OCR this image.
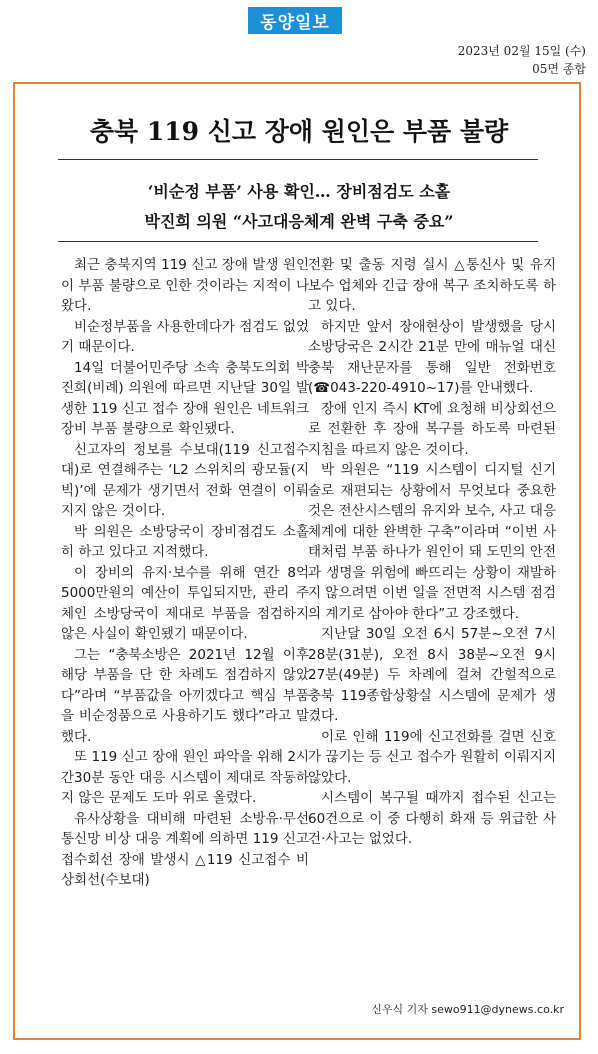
동양일보
2023년 02월 15일 (수)
05면 종합
충북 119 신고 장애 원인은 부품 불량
‘비순정 부품’ 사용 확인… 장비점검도 소홀
박진희 의원 “사고대응체계 완벽 구축 중요”

최근 충북지역 119 신고 장애 발생 원인이 부품 불량으로 인한 것이라는 지적이 나왔다.

비순정부품을 사용한데다가 점검도 없었기 때문이다.

14일 더불어민주당 소속 충북도의회 박진희(비례) 의원에 따르면 지난달 30일 발생한 119 신고 접수 장애 원인은 네트워크 장비 부품 불량으로 확인됐다.

신고자의 정보를 수보대(119 신고접수대)로 연결해주는 ‘L2 스위치의 광모듈(지빅)’에 문제가 생기면서 전화 연결이 이뤄지지 않은 것이다.

박 의원은 소방당국이 장비점검도 소홀히 하고 있다고 지적했다.

이 장비의 유지·보수를 위해 연간 8억5000만원의 예산이 투입되지만, 관리 주체인 소방당국이 제대로 부품을 점검하지 않은 사실이 확인됐기 때문이다.

그는 “충북소방은 2021년 12월 이후 해당 부품을 단 한 차례도 점검하지 않았다”라며 “부품값을 아끼겠다고 핵심 부품을 비순정품으로 사용하기도 했다”라고 말했다.

또 119 신고 장애 원인 파악을 위해 2시간30분 동안 대응 시스템이 제대로 작동하지 않은 문제도 도마 위로 올렸다.

유사상황을 대비해 마련된 소방유·무선통신망 비상 대응 계획에 의하면 119 신고 접수회선 장애 발생시 △119 신고접수 비상회선(수보대)

전환 및 출동 지령 실시 △통신사 및 유지보수 업체와 긴급 장애 복구 조치하도록 하고 있다.

하지만 앞서 장애현상이 발생했을 당시 소방당국은 2시간 21분 만에 매뉴얼 대신 충북 재난문자를 통해 일반 전화번호(☎043-220-4910~17)를 안내했다.

장애 인지 즉시 KT에 요청해 비상회선으로 전환한 후 장애 복구를 하도록 마련된 지침을 따르지 않은 것이다.

박 의원은 “119 시스템이 디지털 신기술로 재편되는 상황에서 무엇보다 중요한 것은 전산시스템의 유지와 보수, 사고 대응 체계에 대한 완벽한 구축”이라며 “이번 사태처럼 부품 하나가 원인이 돼 도민의 안전과 생명을 위험에 빠뜨리는 상황이 재발하지 않으려면 이번 일을 전면적 시스템 점검의 계기로 삼아야 한다”고 강조했다.

지난달 30일 오전 6시 57분~오전 7시 28분(31분), 오전 8시 38분~오전 9시 27분(49분) 두 차례에 걸쳐 간헐적으로 충북 119종합상황실 시스템에 문제가 생겼다.

이로 인해 119에 신고전화를 걸면 신호가 끊기는 등 신고 접수가 원활히 이뤄지지 않았다.

시스템이 복구될 때까지 접수된 신고는 60건으로 이 중 다행히 화재 등 위급한 사건·사고는 없었다.

신우식 기자 sewo911@dynews.co.kr
